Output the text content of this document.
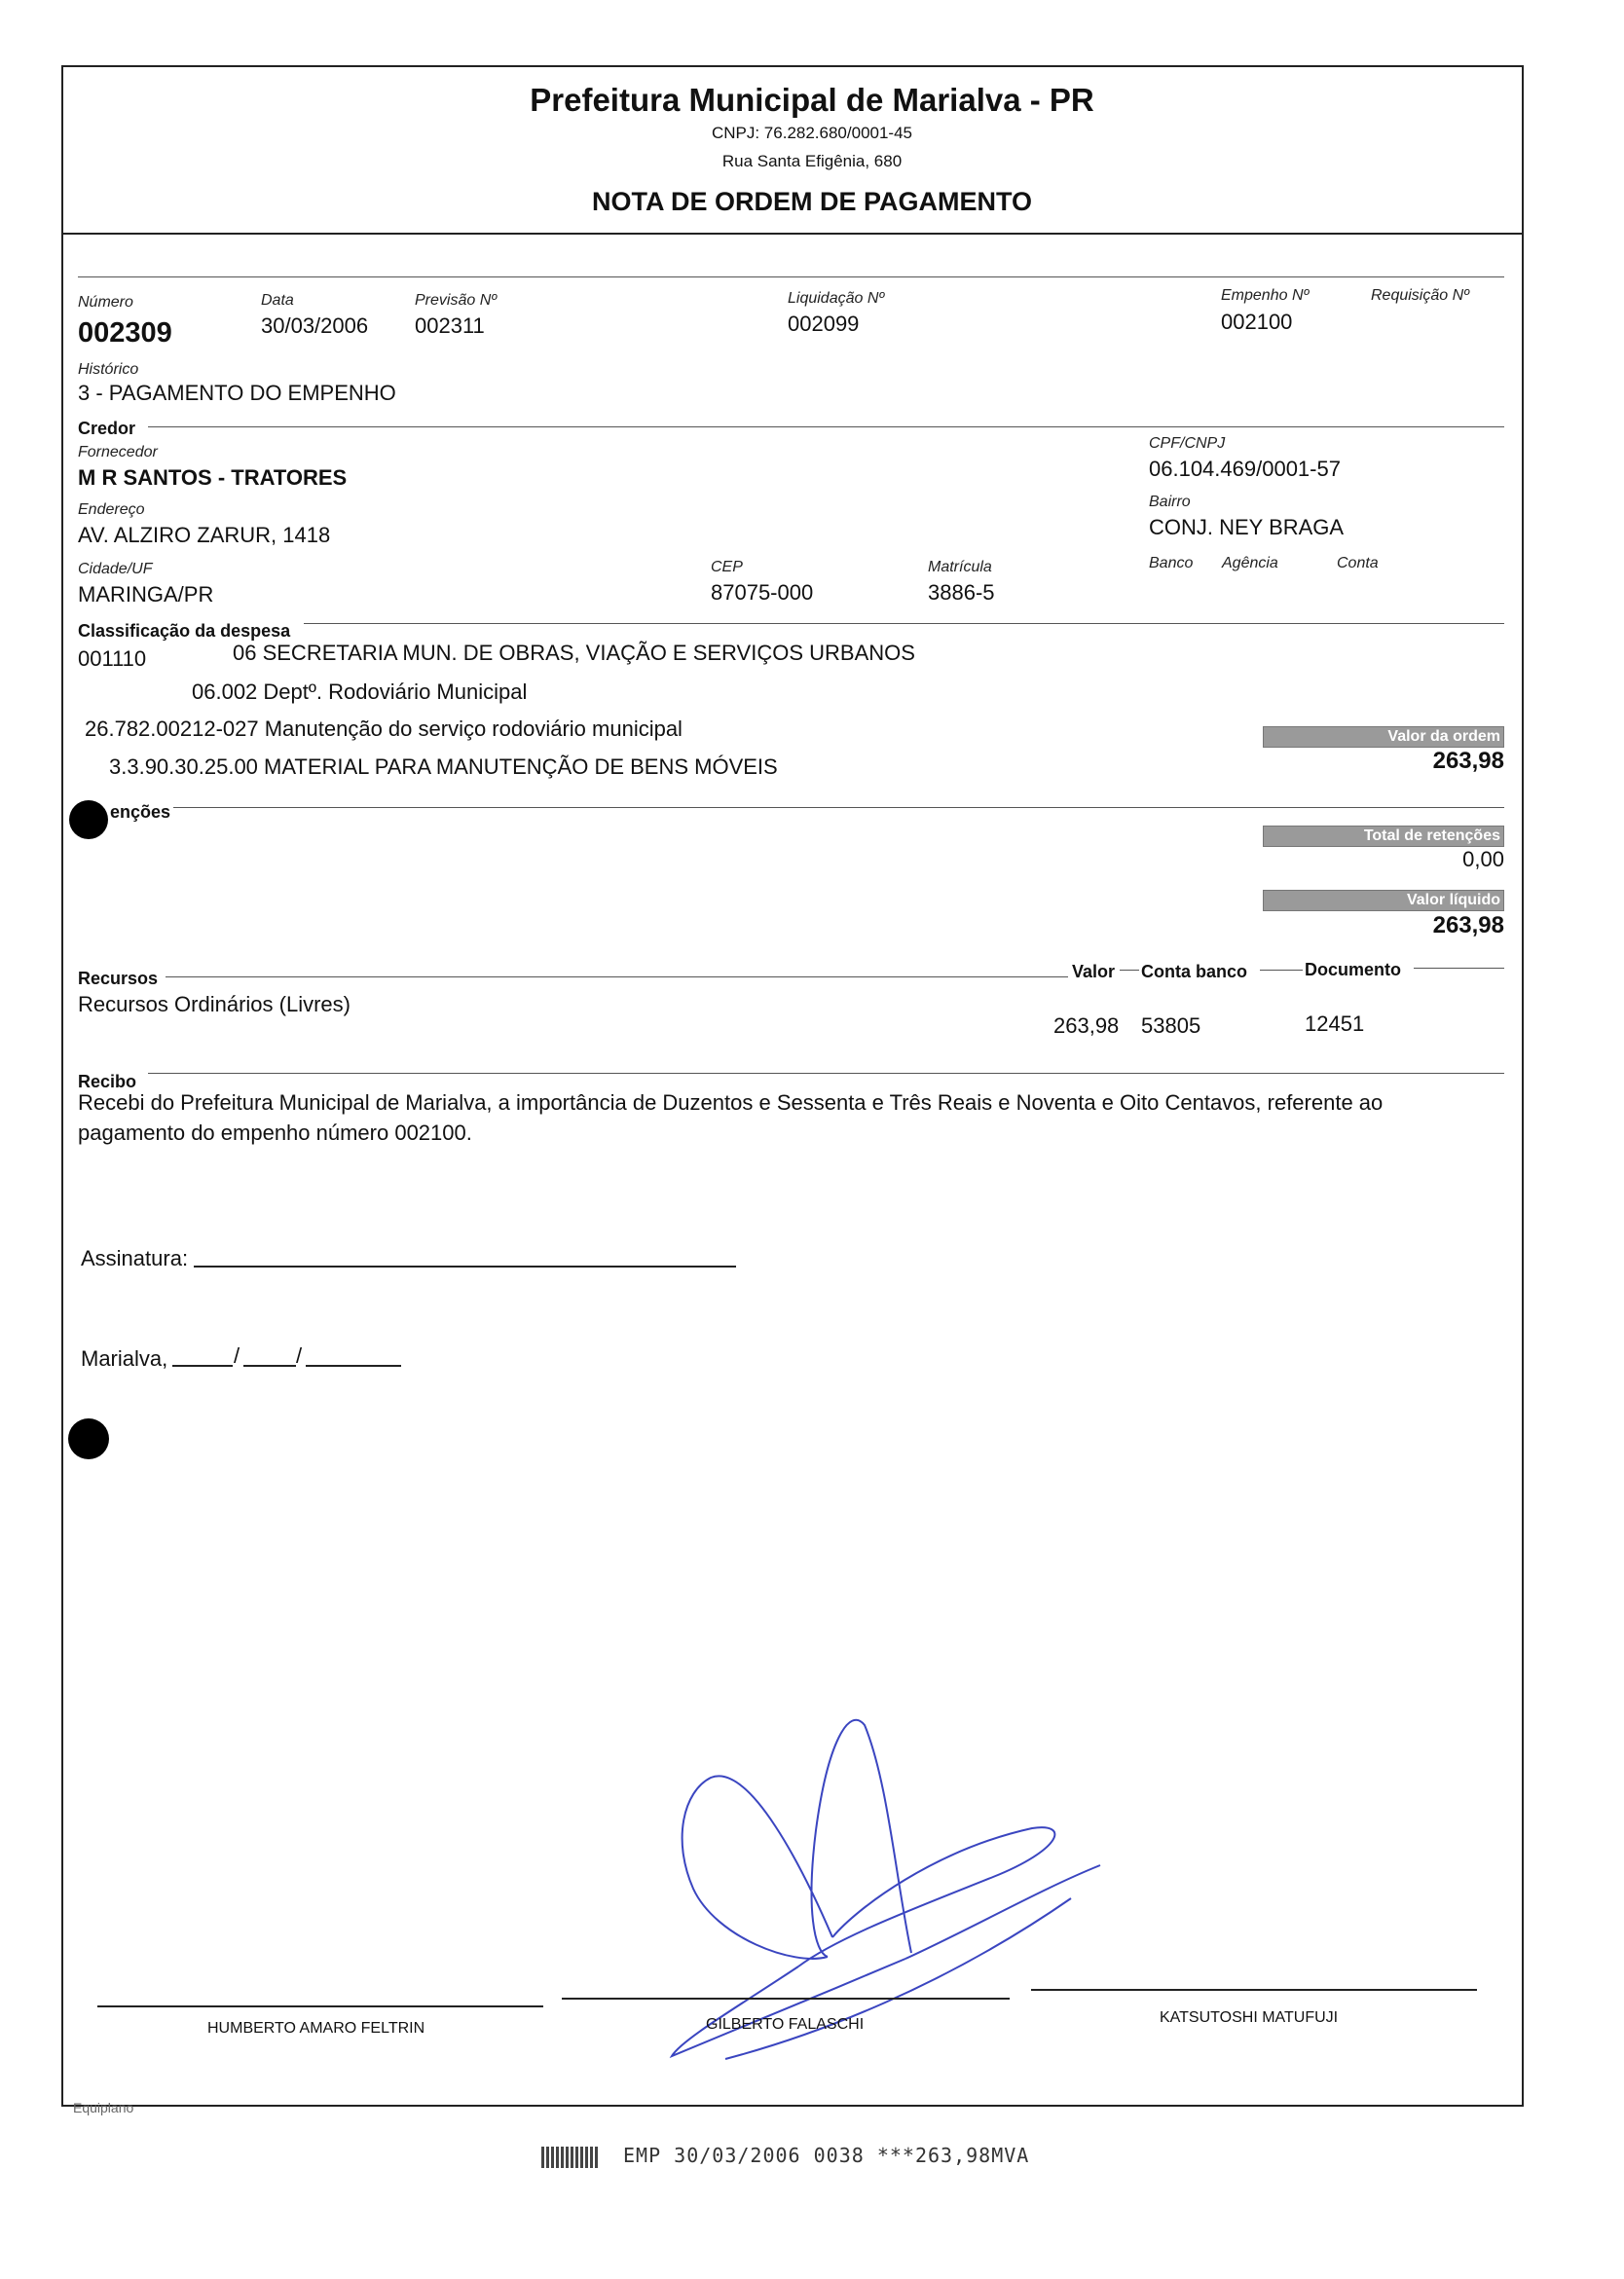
Prefeitura Municipal de Marialva - PR
CNPJ: 76.282.680/0001-45
Rua Santa Efigênia, 680
NOTA DE ORDEM DE PAGAMENTO
Número
002309
Data
30/03/2006
Previsão Nº
002311
Liquidação Nº
002099
Empenho Nº
002100
Requisição Nº
Histórico
3 - PAGAMENTO DO EMPENHO
Credor
Fornecedor
M R SANTOS - TRATORES
CPF/CNPJ
06.104.469/0001-57
Endereço
AV. ALZIRO ZARUR, 1418
Bairro
CONJ. NEY BRAGA
Cidade/UF
MARINGA/PR
CEP
87075-000
Matrícula
3886-5
Banco Agência	Conta
Classificação da despesa
001110	06 SECRETARIA MUN. DE OBRAS, VIAÇÃO E SERVIÇOS URBANOS
06.002 Deptº. Rodoviário Municipal
26.782.00212-027 Manutenção do serviço rodoviário municipal
3.3.90.30.25.00 MATERIAL PARA MANUTENÇÃO DE BENS MÓVEIS
Valor da ordem
263,98
enções
Total de retenções
0,00
Valor líquido
263,98
Recursos	Valor Conta banco	Documento
Recursos Ordinários (Livres)
263,98 53805	12451
Recibo
Recebi do Prefeitura Municipal de Marialva, a importância de Duzentos e Sessenta e Três Reais e Noventa e Oito Centavos, referente ao
pagamento do empenho número 002100.
Assinatura:
Marialva,	/	/
HUMBERTO AMARO FELTRIN	GILBERTO FALASCHI	KATSUTOSHI MATUFUJI
Equiplano
EMP 30/03/2006 0038 ***263,98MVA
